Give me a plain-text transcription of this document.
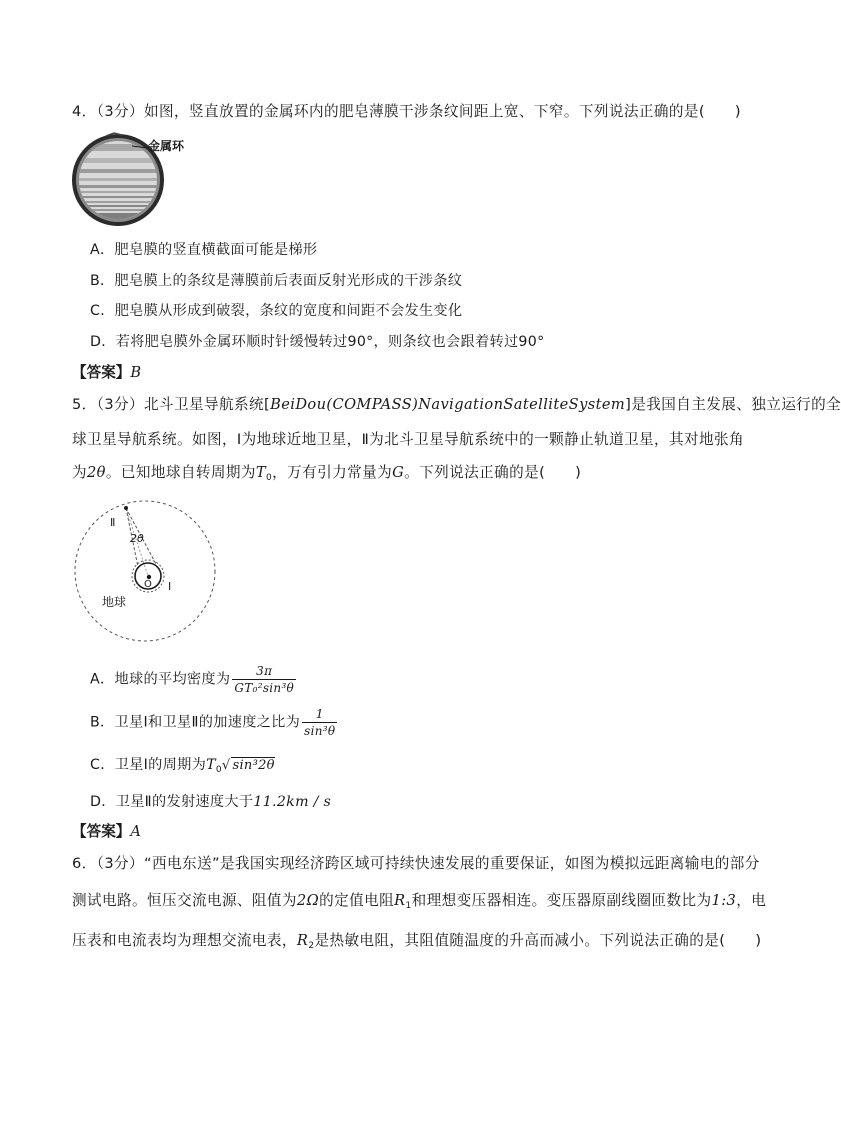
4．（3分）如图，竖直放置的金属环内的肥皂薄膜干涉条纹间距上宽、下窄。下列说法正确的是(　　)
金属环
A．肥皂膜的竖直横截面可能是梯形
B．肥皂膜上的条纹是薄膜前后表面反射光形成的干涉条纹
C．肥皂膜从形成到破裂，条纹的宽度和间距不会发生变化
D．若将肥皂膜外金属环顺时针缓慢转过90°，则条纹也会跟着转过90°
【答案】B
5．（3分）北斗卫星导航系统[BeiDou(COMPASS)NavigationSatelliteSystem]是我国自主发展、独立运行的全
球卫星导航系统。如图，Ⅰ为地球近地卫星，Ⅱ为北斗卫星导航系统中的一颗静止轨道卫星，其对地张角
为2θ。已知地球自转周期为$T_0$，万有引力常量为G。下列说法正确的是(　　)
Ⅱ
2θ
O Ⅰ
地球
A．地球的平均密度为 $\frac{3\pi}{\text{GT₀²sin³θ}}$
B．卫星Ⅰ和卫星Ⅱ的加速度之比为 $\frac{1}{\text{sin³θ}}$
C．卫星Ⅰ的周期为$T_0√$ sin³2θ
D．卫星Ⅱ的发射速度大于11.2km / s
【答案】A
6．（3分）“西电东送”是我国实现经济跨区域可持续快速发展的重要保证，如图为模拟远距离输电的部分
测试电路。恒压交流电源、阻值为2Ω的定值电阻$R_1$和理想变压器相连。变压器原副线圈匝数比为1:3，电
压表和电流表均为理想交流电表，$R_2$是热敏电阻，其阻值随温度的升高而减小。下列说法正确的是(　　)
